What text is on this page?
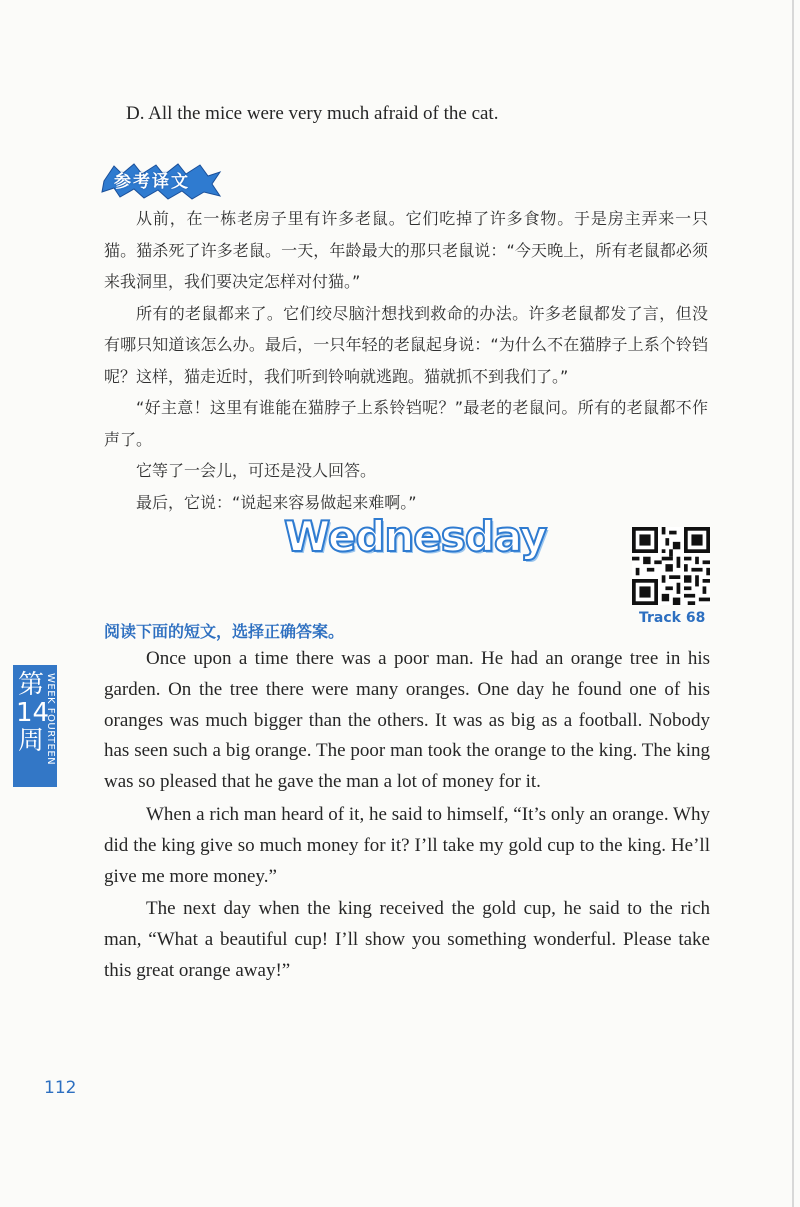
D. All the mice were very much afraid of the cat.
参考译文

从前，在一栋老房子里有许多老鼠。它们吃掉了许多食物。于是房主弄来一只猫。猫杀死了许多老鼠。一天，年龄最大的那只老鼠说：“今天晚上，所有老鼠都必须来我洞里，我们要决定怎样对付猫。”

所有的老鼠都来了。它们绞尽脑汁想找到救命的办法。许多老鼠都发了言，但没有哪只知道该怎么办。最后，一只年轻的老鼠起身说：“为什么不在猫脖子上系个铃铛呢？这样，猫走近时，我们听到铃响就逃跑。猫就抓不到我们了。”

“好主意！这里有谁能在猫脖子上系铃铛呢？”最老的老鼠问。所有的老鼠都不作声了。

它等了一会儿，可还是没人回答。

最后，它说：“说起来容易做起来难啊。”

Wednesday
Track 68
阅读下面的短文，选择正确答案。
第14周 WEEK FOURTEEN

Once upon a time there was a poor man. He had an orange tree in his garden. On the tree there were many oranges. One day he found one of his oranges was much bigger than the others. It was as big as a football. Nobody has seen such a big orange. The poor man took the orange to the king. The king was so pleased that he gave the man a lot of money for it.

When a rich man heard of it, he said to himself, “It’s only an orange. Why did the king give so much money for it? I’ll take my gold cup to the king. He’ll give me more money.”

The next day when the king received the gold cup, he said to the rich man, “What a beautiful cup! I’ll show you something wonderful. Please take this great orange away!”

112
